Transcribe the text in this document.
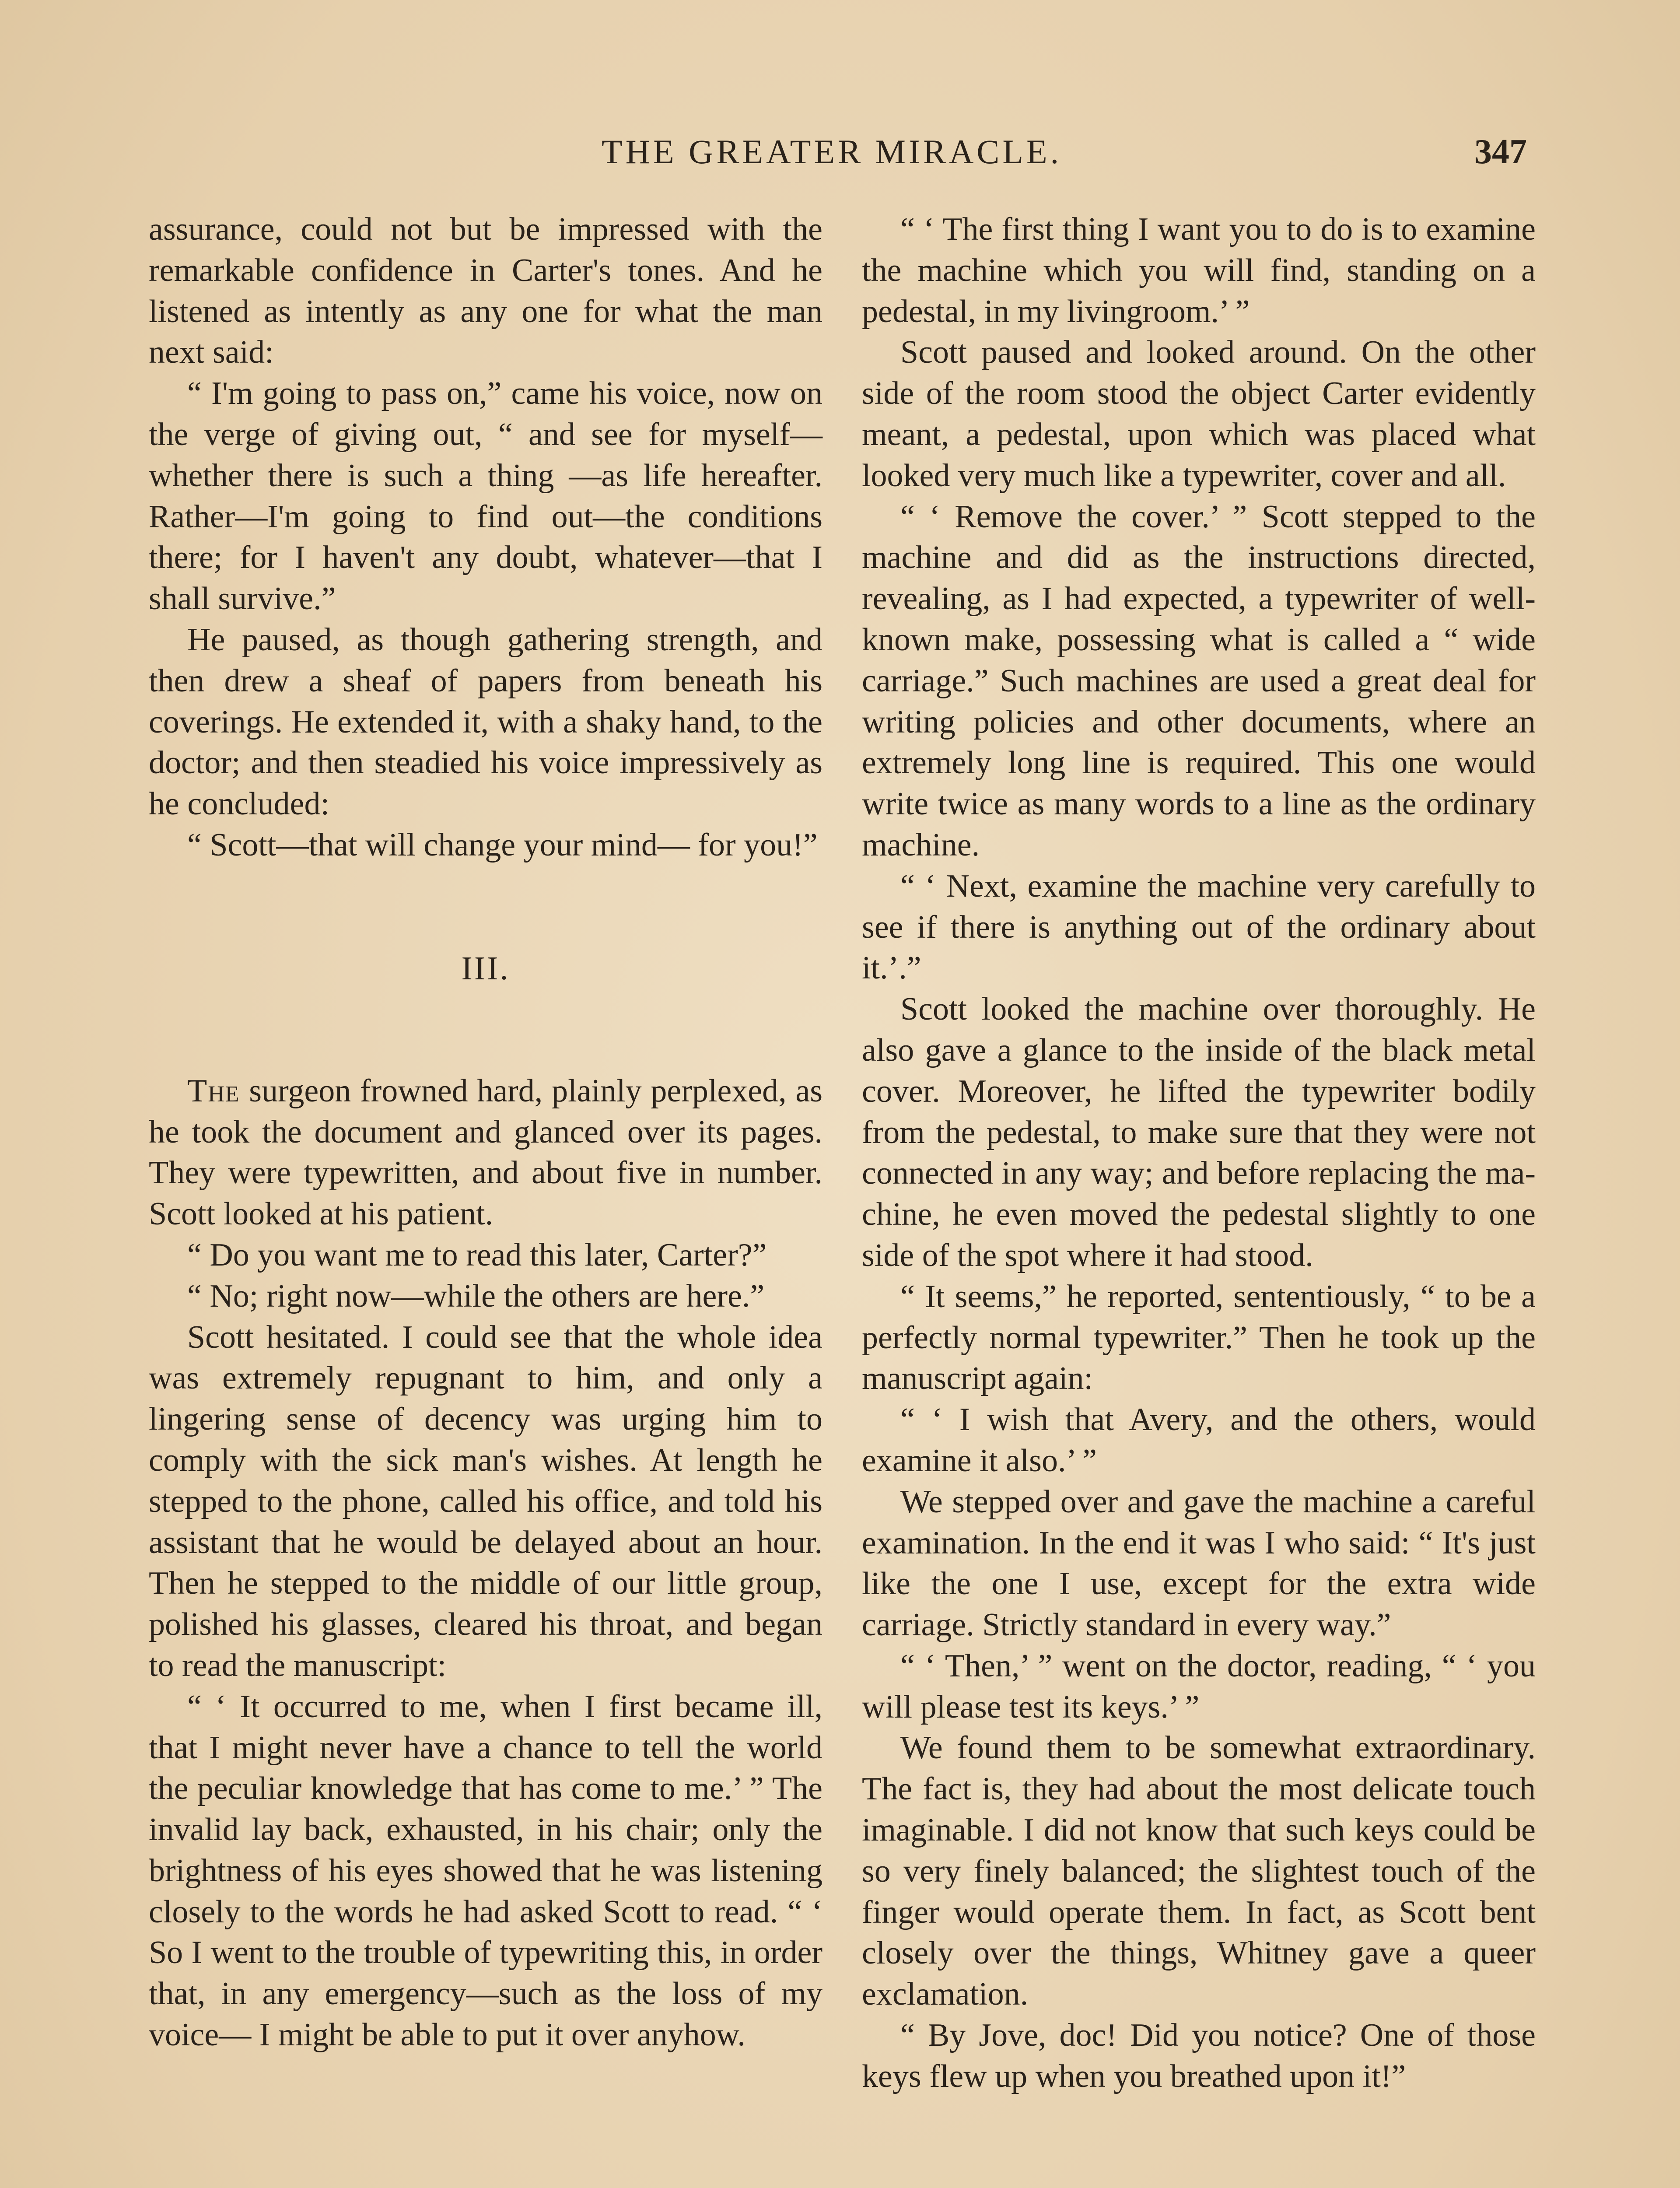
THE GREATER MIRACLE.	347

assurance, could not but be impressed with the remarkable confidence in Carter's tones. And he listened as intently as any one for what the man next said:

“ I'm going to pass on,” came his voice, now on the verge of giving out, “ and see for myself—whether there is such a thing —as life hereafter. Rather—I'm going to find out—the conditions there; for I haven't any doubt, whatever—that I shall survive.”

He paused, as though gathering strength, and then drew a sheaf of papers from beneath his coverings. He extended it, with a shaky hand, to the doctor; and then steadied his voice impressively as he concluded:

“ Scott—that will change your mind— for you!”

III.

The surgeon frowned hard, plainly perplexed, as he took the document and glanced over its pages. They were typewritten, and about five in number. Scott looked at his patient.

“ Do you want me to read this later, Carter?”

“ No; right now—while the others are here.”

Scott hesitated. I could see that the whole idea was extremely repugnant to him, and only a lingering sense of decency was urging him to comply with the sick man's wishes. At length he stepped to the phone, called his office, and told his assistant that he would be delayed about an hour. Then he stepped to the middle of our little group, polished his glasses, cleared his throat, and began to read the manuscript:

“ ‘ It occurred to me, when I first became ill, that I might never have a chance to tell the world the peculiar knowledge that has come to me.’ ” The invalid lay back, exhausted, in his chair; only the brightness of his eyes showed that he was listening closely to the words he had asked Scott to read. “ ‘ So I went to the trouble of typewriting this, in order that, in any emergency—such as the loss of my voice— I might be able to put it over anyhow.

“ ‘ The first thing I want you to do is to examine the machine which you will find, standing on a pedestal, in my livingroom.’ ”

Scott paused and looked around. On the other side of the room stood the object Carter evidently meant, a pedestal, upon which was placed what looked very much like a typewriter, cover and all.

“ ‘ Remove the cover.’ ” Scott stepped to the machine and did as the instructions directed, revealing, as I had expected, a typewriter of well-known make, possessing what is called a “ wide carriage.” Such machines are used a great deal for writing policies and other documents, where an extremely long line is required. This one would write twice as many words to a line as the ordinary machine.

“ ‘ Next, examine the machine very carefully to see if there is anything out of the ordinary about it.’.”

Scott looked the machine over thoroughly. He also gave a glance to the inside of the black metal cover. Moreover, he lifted the typewriter bodily from the pedestal, to make sure that they were not connected in any way; and before replacing the machine, he even moved the pedestal slightly to one side of the spot where it had stood.

“ It seems,” he reported, sententiously, “ to be a perfectly normal typewriter.” Then he took up the manuscript again:

“ ‘ I wish that Avery, and the others, would examine it also.’ ”

We stepped over and gave the machine a careful examination. In the end it was I who said: “ It's just like the one I use, except for the extra wide carriage. Strictly standard in every way.”

“ ‘ Then,’ ” went on the doctor, reading, “ ‘ you will please test its keys.’ ”

We found them to be somewhat extraordinary. The fact is, they had about the most delicate touch imaginable. I did not know that such keys could be so very finely balanced; the slightest touch of the finger would operate them. In fact, as Scott bent closely over the things, Whitney gave a queer exclamation.

“ By Jove, doc! Did you notice? One of those keys flew up when you breathed upon it!”
